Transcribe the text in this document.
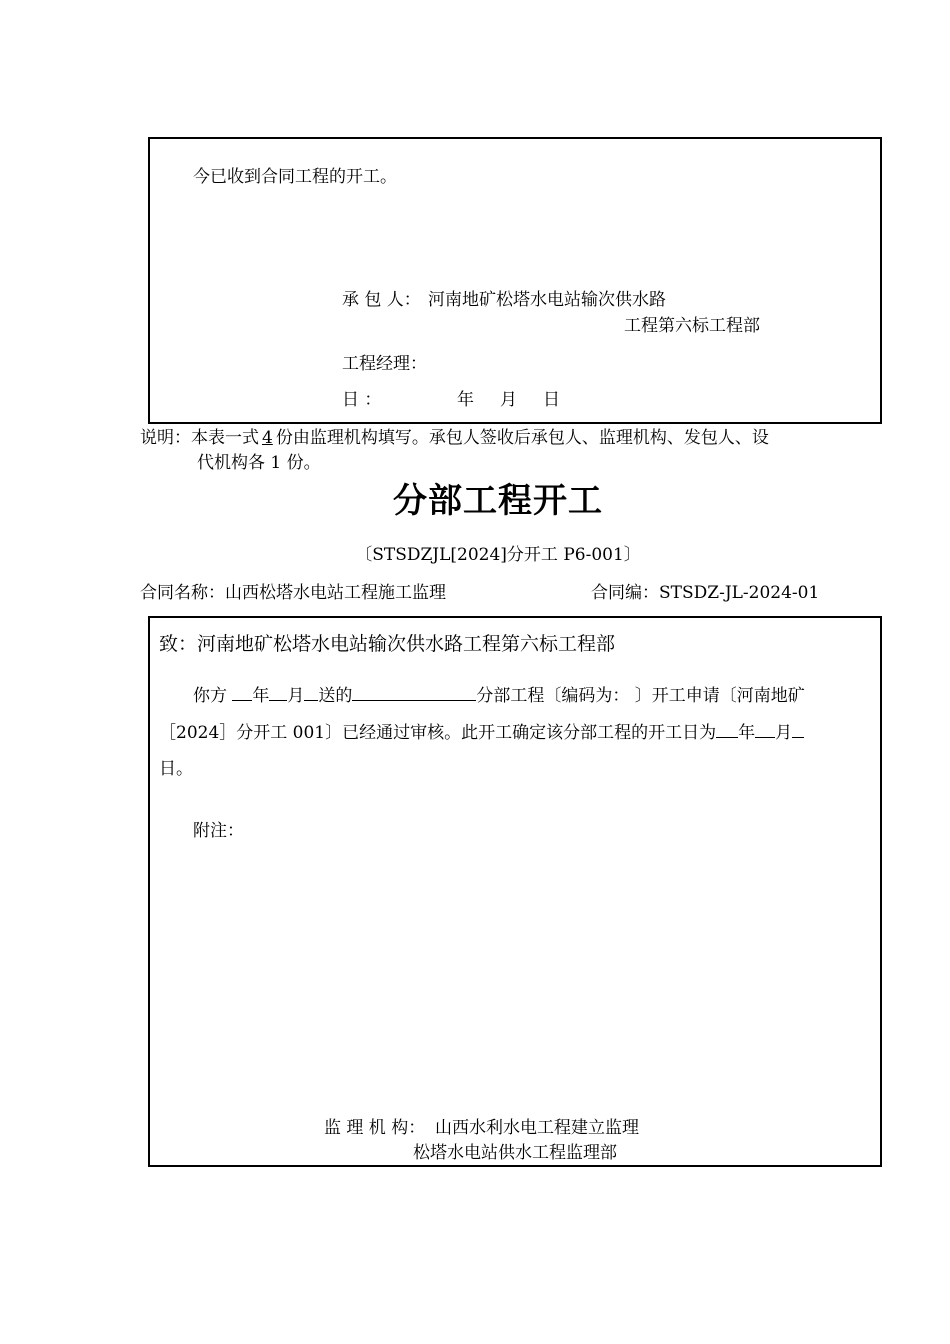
今已收到合同工程的开工。
承 包 人： 河南地矿松塔水电站输次供水路
工程第六标工程部
工程经理：
日 ：	年 月 日
说明：本表一式 4 份由监理机构填写。承包人签收后承包人、监理机构、发包人、设
代机构各 1 份。
分部工程开工
〔STSDZJL[2024]分开工 P6-001〕
合同名称：山西松塔水电站工程施工监理	合同编：STSDZ-JL-2024-01
致：河南地矿松塔水电站输次供水路工程第六标工程部
你方 年 月 送的	分部工程〔编码为： 〕开工申请〔河南地矿
［2024］分开工 001〕已经通过审核。此开工确定该分部工程的开工日为 年 月
日。
附注：
监 理 机 构： 山西水利水电工程建立监理
松塔水电站供水工程监理部
